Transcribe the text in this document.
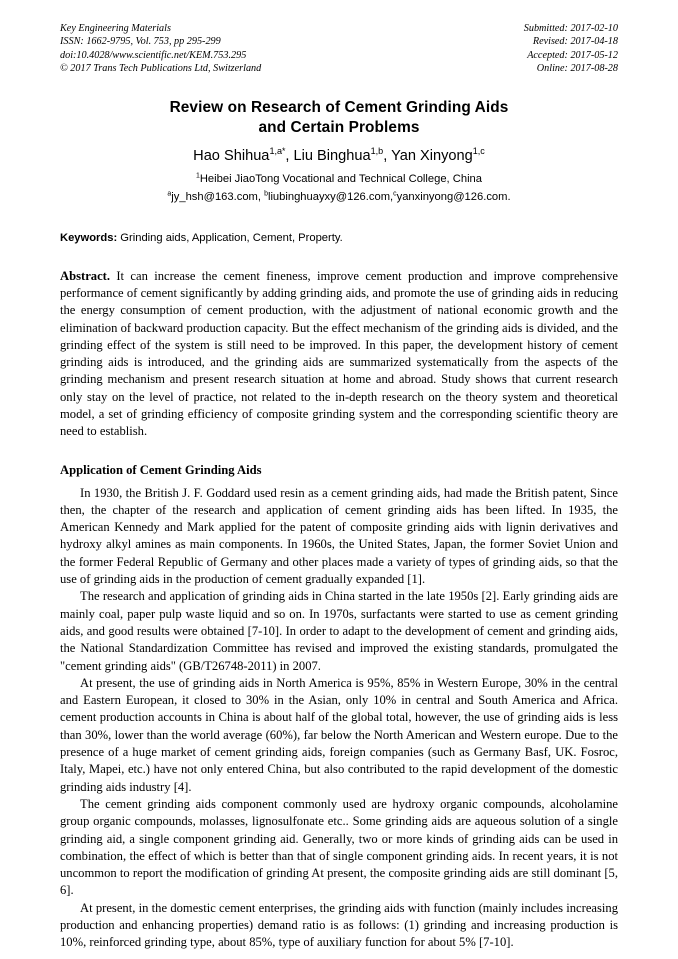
Key Engineering Materials
ISSN: 1662-9795, Vol. 753, pp 295-299
doi:10.4028/www.scientific.net/KEM.753.295
© 2017 Trans Tech Publications Ltd, Switzerland
Submitted: 2017-02-10
Revised: 2017-04-18
Accepted: 2017-05-12
Online: 2017-08-28
Review on Research of Cement Grinding Aids
and Certain Problems
Hao Shihua$^{1,a*}$, Liu Binghua$^{1,b}$, Yan Xinyong$^{1,c}$
$^1$Heibei JiaoTong Vocational and Technical College, China
$^a$jy_hsh@163.com, $^b$liubinghuayxy@126.com,$^c$yanxinyong@126.com.
Keywords: Grinding aids, Application, Cement, Property.
Abstract. It can increase the cement fineness, improve cement production and improve comprehensive performance of cement significantly by adding grinding aids, and promote the use of grinding aids in reducing the energy consumption of cement production, with the adjustment of national economic growth and the elimination of backward production capacity. But the effect mechanism of the grinding aids is divided, and the grinding effect of the system is still need to be improved. In this paper, the development history of cement grinding aids is introduced, and the grinding aids are summarized systematically from the aspects of the grinding mechanism and present research situation at home and abroad. Study shows that current research only stay on the level of practice, not related to the in-depth research on the theory system and theoretical model, a set of grinding efficiency of composite grinding system and the corresponding scientific theory are need to establish.
Application of Cement Grinding Aids
In 1930, the British J. F. Goddard used resin as a cement grinding aids, had made the British patent, Since then, the chapter of the research and application of cement grinding aids has been lifted. In 1935, the American Kennedy and Mark applied for the patent of composite grinding aids with lignin derivatives and hydroxy alkyl amines as main components. In 1960s, the United States, Japan, the former Soviet Union and the former Federal Republic of Germany and other places made a variety of types of grinding aids, so that the use of grinding aids in the production of cement gradually expanded [1].
The research and application of grinding aids in China started in the late 1950s [2]. Early grinding aids are mainly coal, paper pulp waste liquid and so on. In 1970s, surfactants were started to use as cement grinding aids, and good results were obtained [7-10]. In order to adapt to the development of cement and grinding aids, the National Standardization Committee has revised and improved the existing standards, promulgated the "cement grinding aids" (GB/T26748-2011) in 2007.
At present, the use of grinding aids in North America is 95%, 85% in Western Europe, 30% in the central and Eastern European, it closed to 30% in the Asian, only 10% in central and South America and Africa. cement production accounts in China is about half of the global total, however, the use of grinding aids is less than 30%, lower than the world average (60%), far below the North American and Western europe. Due to the presence of a huge market of cement grinding aids, foreign companies (such as Germany Basf, UK. Fosroc, Italy, Mapei, etc.) have not only entered China, but also contributed to the rapid development of the domestic grinding aids industry [4].
The cement grinding aids component commonly used are hydroxy organic compounds, alcoholamine group organic compounds, molasses, lignosulfonate etc.. Some grinding aids are aqueous solution of a single grinding aid, a single component grinding aid. Generally, two or more kinds of grinding aids can be used in combination, the effect of which is better than that of single component grinding aids. In recent years, it is not uncommon to report the modification of grinding At present, the composite grinding aids are still dominant [5, 6].
At present, in the domestic cement enterprises, the grinding aids with function (mainly includes increasing production and enhancing properties) demand ratio is as follows: (1) grinding and increasing production is 10%, reinforced grinding type, about 85%, type of auxiliary function for about 5% [7-10].
